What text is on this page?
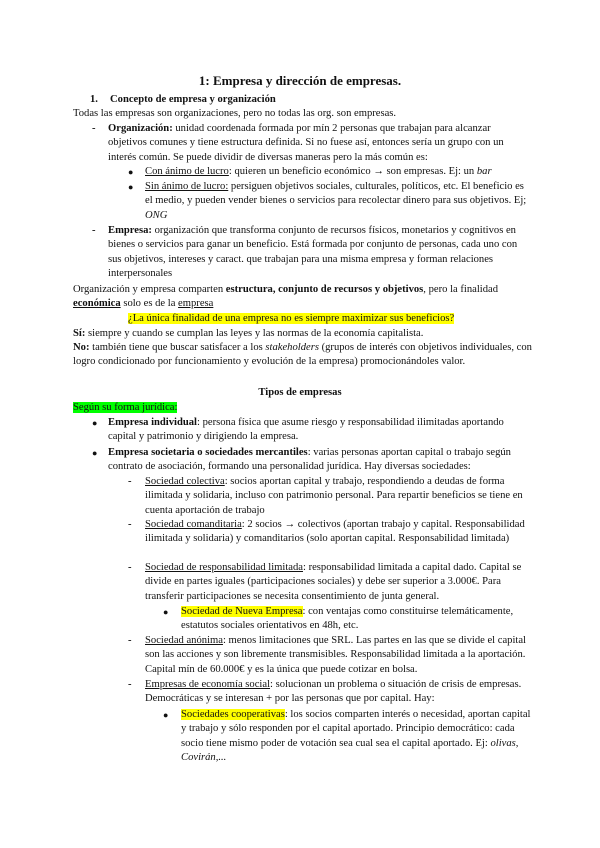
1: Empresa y dirección de empresas.
1. Concepto de empresa y organización
Todas las empresas son organizaciones, pero no todas las org. son empresas.
- Organización: unidad coordenada formada por mín 2 personas que trabajan para alcanzar objetivos comunes y tiene estructura definida. Si no fuese así, entonces sería un grupo con un interés común. Se puede dividir de diversas maneras pero la más común es:
● Con ánimo de lucro: quieren un beneficio económico → son empresas. Ej: un bar
● Sin ánimo de lucro: persiguen objetivos sociales, culturales, políticos, etc. El beneficio es el medio, y pueden vender bienes o servicios para recolectar dinero para sus objetivos. Ej; ONG
- Empresa: organización que transforma conjunto de recursos físicos, monetarios y cognitivos en bienes o servicios para ganar un beneficio. Está formada por conjunto de personas, cada uno con sus objetivos, intereses y caract. que trabajan para una misma empresa y forman relaciones interpersonales
Organización y empresa comparten estructura, conjunto de recursos y objetivos, pero la finalidad económica solo es de la empresa
¿La única finalidad de una empresa no es siempre maximizar sus beneficios?
Sí: siempre y cuando se cumplan las leyes y las normas de la economía capitalista.
No: también tiene que buscar satisfacer a los stakeholders (grupos de interés con objetivos individuales, con logro condicionado por funcionamiento y evolución de la empresa) promocionándoles valor.
Tipos de empresas
Según su forma jurídica:
● Empresa individual: persona física que asume riesgo y responsabilidad ilimitadas aportando capital y patrimonio y dirigiendo la empresa.
● Empresa societaria o sociedades mercantiles: varias personas aportan capital o trabajo según contrato de asociación, formando una personalidad jurídica. Hay diversas sociedades:
- Sociedad colectiva: socios aportan capital y trabajo, respondiendo a deudas de forma ilimitada y solidaria, incluso con patrimonio personal. Para repartir beneficios se tiene en cuenta aportación de trabajo
- Sociedad comanditaria: 2 socios → colectivos (aportan trabajo y capital. Responsabilidad ilimitada y solidaria) y comanditarios (solo aportan capital. Responsabilidad limitada)
- Sociedad de responsabilidad limitada: responsabilidad limitada a capital dado. Capital se divide en partes iguales (participaciones sociales) y debe ser superior a 3.000€. Para transferir participaciones se necesita consentimiento de junta general.
● Sociedad de Nueva Empresa: con ventajas como constituirse telemáticamente, estatutos sociales orientativos en 48h, etc.
- Sociedad anónima: menos limitaciones que SRL. Las partes en las que se divide el capital son las acciones y son libremente transmisibles. Responsabilidad limitada a la aportación. Capital mín de 60.000€ y es la única que puede cotizar en bolsa.
- Empresas de economía social: solucionan un problema o situación de crisis de empresas. Democráticas y se interesan + por las personas que por capital. Hay:
● Sociedades cooperativas: los socios comparten interés o necesidad, aportan capital y trabajo y sólo responden por el capital aportado. Principio democrático: cada socio tiene mismo poder de votación sea cual sea el capital aportado. Ej: olivas, Covirán,...
